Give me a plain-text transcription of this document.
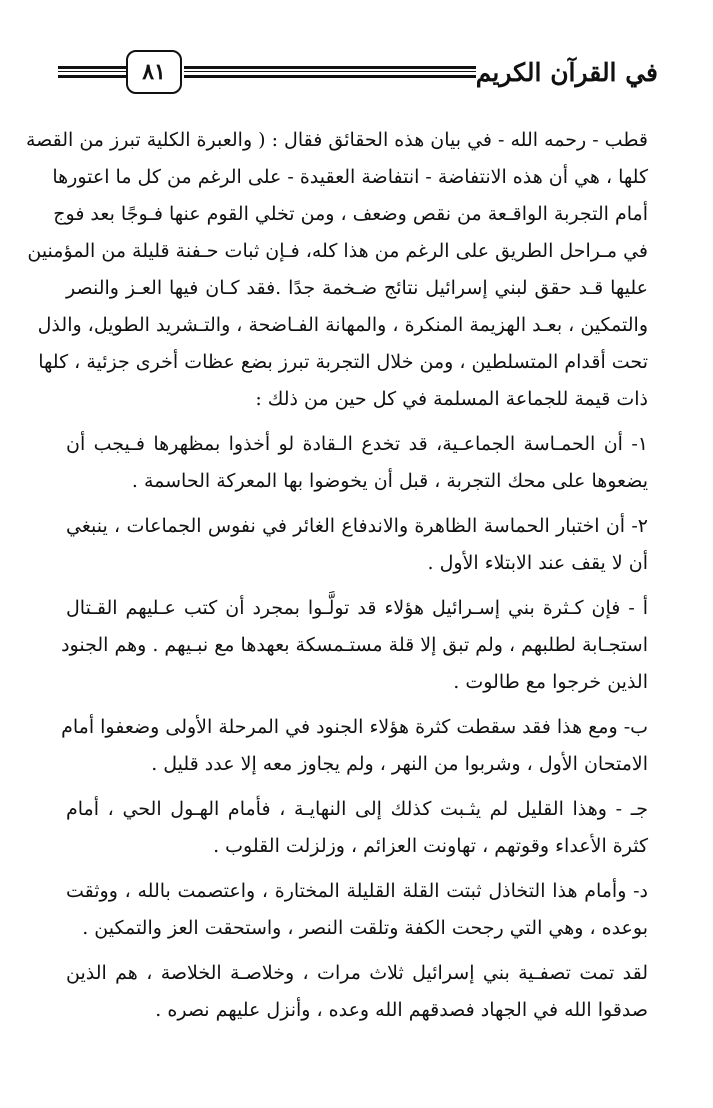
٨١	في القرآن الكريم
قطب - رحمه الله - في بيان هذه الحقائق فقال : ( والعبرة الكلية تبرز من القصة
كلها ، هي أن هذه الانتفاضة - انتفاضة العقيدة - على الرغم من كل ما اعتورها
أمام التجربة الواقـعة من نقص وضعف ، ومن تخلي القوم عنها فـوجًا بعد فوج
في مـراحل الطريق على الرغم من هذا كله، فـإن ثبات حـفنة قليلة من المؤمنين
عليها قـد حقق لبني إسرائيل نتائج ضـخمة جدًا .فقد كـان فيها العـز والنصر
والتمكين ، بعـد الهزيمة المنكرة ، والمهانة الفـاضحة ، والتـشريد الطويل، والذل
تحت أقدام المتسلطين ، ومن خلال التجربة تبرز بضع عظات أخرى جزئية ، كلها
ذات قيمة للجماعة المسلمة في كل حين من ذلك :
١- أن الحمـاسة الجماعـية، قد تخدع الـقادة لو أخذوا بمظهرها فـيجب أن
يضعوها على محك التجربة ، قبل أن يخوضوا بها المعركة الحاسمة .
٢- أن اختبار الحماسة الظاهرة والاندفاع الغائر في نفوس الجماعات ، ينبغي
أن لا يقف عند الابتلاء الأول .
أ - فإن كـثرة بني إسـرائيل هؤلاء قد تولَّـوا بمجرد أن كتب عـليهم القـتال
استجـابة لطلبهم ، ولم تبق إلا قلة مستـمسكة بعهدها مع نبـيهم . وهم الجنود
الذين خرجوا مع طالوت .
ب- ومع هذا فقد سقطت كثرة هؤلاء الجنود في المرحلة الأولى وضعفوا أمام
الامتحان الأول ، وشربوا من النهر ، ولم يجاوز معه إلا عدد قليل .
جـ - وهذا القليل لم يثـبت كذلك إلى النهايـة ، فأمام الهـول الحي ، أمام
كثرة الأعداء وقوتهم ، تهاونت العزائم ، وزلزلت القلوب .
د- وأمام هذا التخاذل ثبتت القلة القليلة المختارة ، واعتصمت بالله ، ووثقت
بوعده ، وهي التي رجحت الكفة وتلقت النصر ، واستحقت العز والتمكين .
لقد تمت تصفـية بني إسرائيل ثلاث مرات ، وخلاصـة الخلاصة ، هم الذين
صدقوا الله في الجهاد فصدقهم الله وعده ، وأنزل عليهم نصره .
